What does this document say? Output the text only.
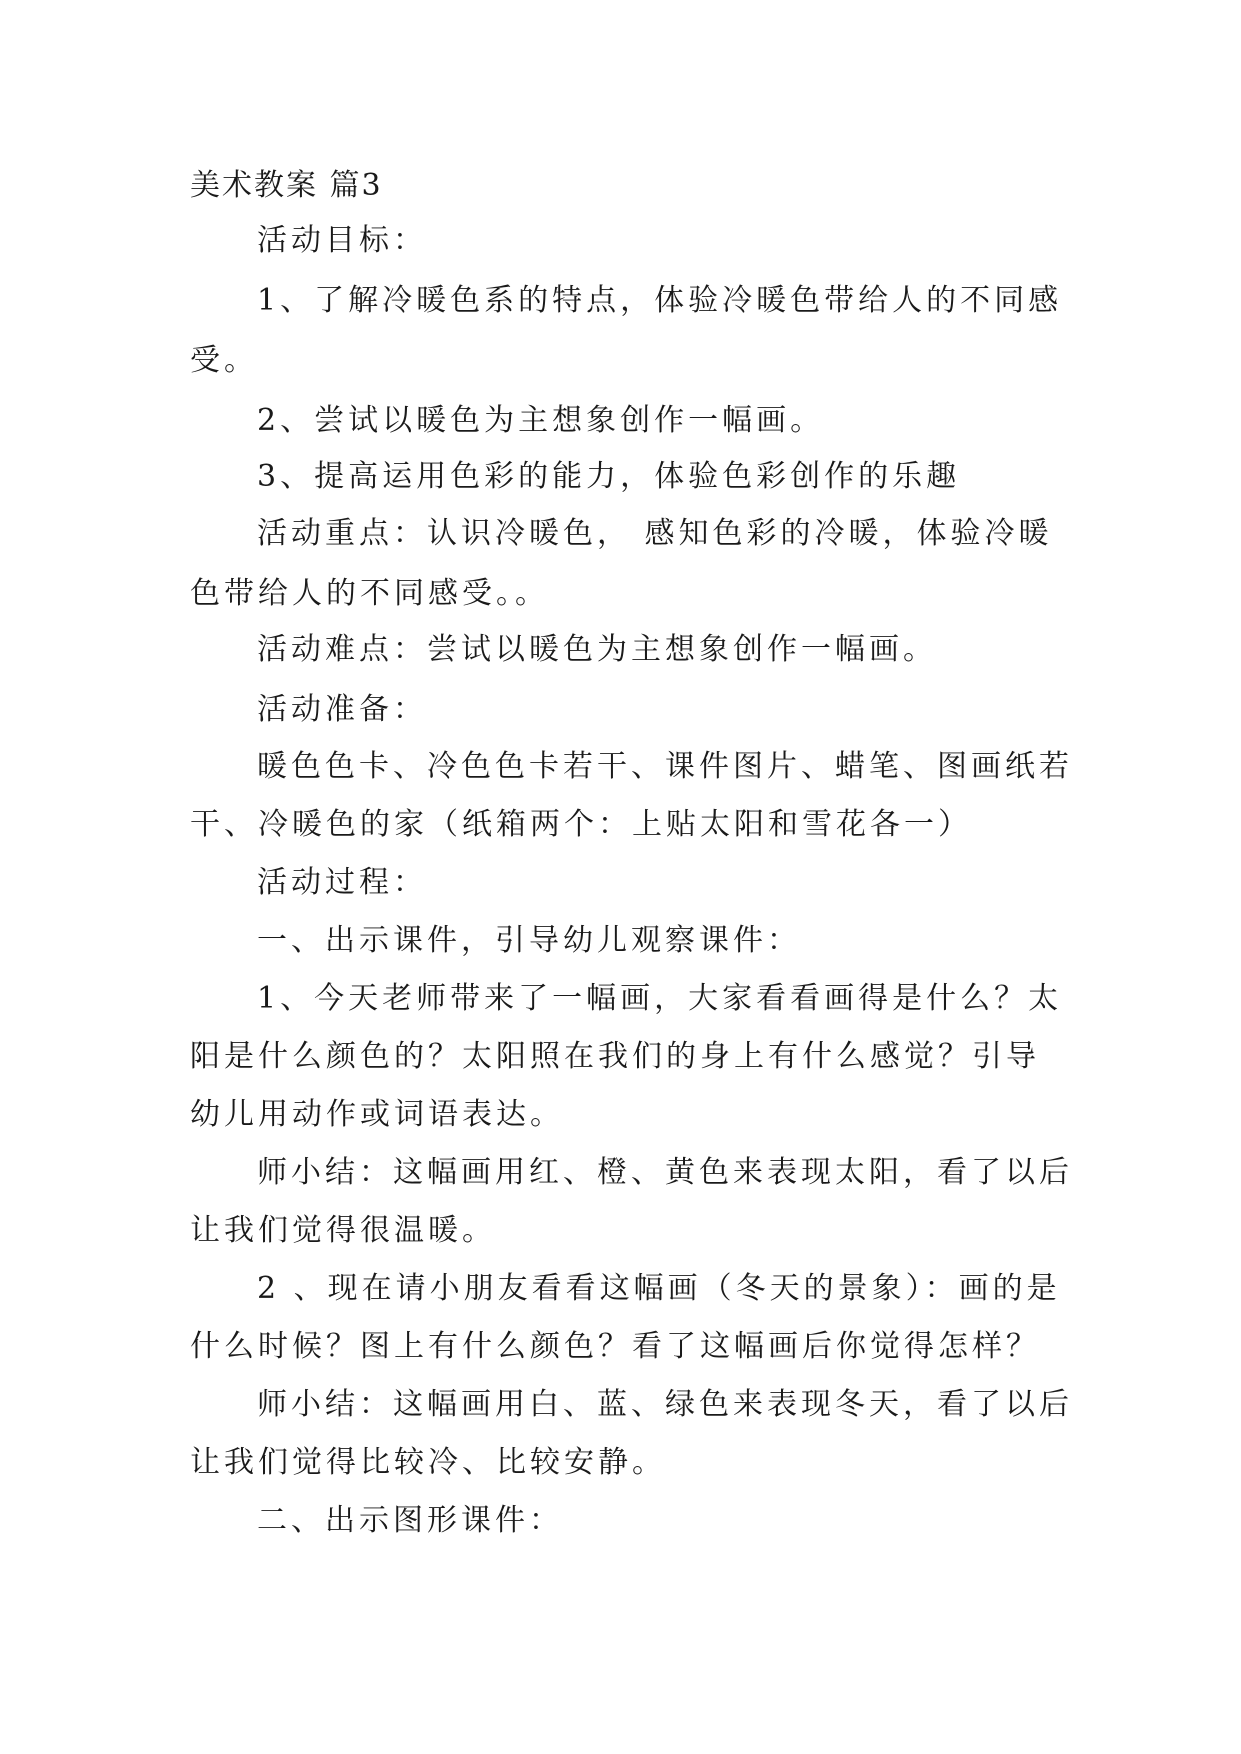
美术教案 篇3
活动目标：
1、了解冷暖色系的特点，体验冷暖色带给人的不同感
受。
2、尝试以暖色为主想象创作一幅画。
3、提高运用色彩的能力，体验色彩创作的乐趣
活动重点：认识冷暖色， 感知色彩的冷暖，体验冷暖
色带给人的不同感受。。
活动难点：尝试以暖色为主想象创作一幅画。
活动准备：
暖色色卡、冷色色卡若干、课件图片、蜡笔、图画纸若
干、冷暖色的家（纸箱两个：上贴太阳和雪花各一）
活动过程：
一、出示课件，引导幼儿观察课件：
1、今天老师带来了一幅画，大家看看画得是什么？太
阳是什么颜色的？太阳照在我们的身上有什么感觉？引导
幼儿用动作或词语表达。
师小结：这幅画用红、橙、黄色来表现太阳，看了以后
让我们觉得很温暖。
2 、现在请小朋友看看这幅画（冬天的景象）：画的是
什么时候？图上有什么颜色？看了这幅画后你觉得怎样？
师小结：这幅画用白、蓝、绿色来表现冬天，看了以后
让我们觉得比较冷、比较安静。
二、出示图形课件：
